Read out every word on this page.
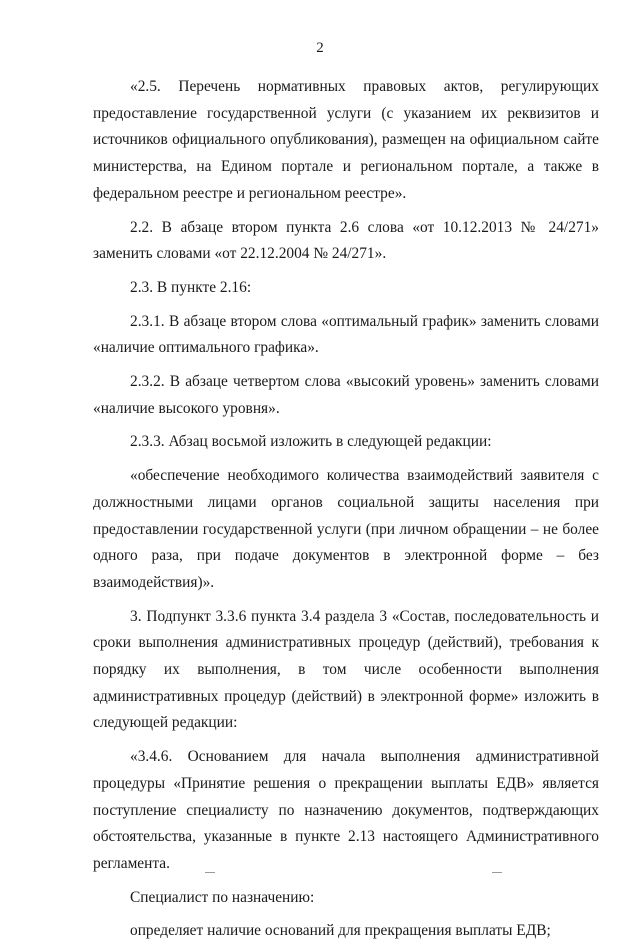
2

«2.5. Перечень нормативных правовых актов, регулирующих предоставление государственной услуги (с указанием их реквизитов и источников официального опубликования), размещен на официальном сайте министерства, на Едином портале и региональном портале, а также в федеральном реестре и региональном реестре».

2.2. В абзаце втором пункта 2.6 слова «от 10.12.2013 № 24/271» заменить словами «от 22.12.2004 № 24/271».

2.3. В пункте 2.16:

2.3.1. В абзаце втором слова «оптимальный график» заменить словами «наличие оптимального графика».

2.3.2. В абзаце четвертом слова «высокий уровень» заменить словами «наличие высокого уровня».

2.3.3. Абзац восьмой изложить в следующей редакции:

«обеспечение необходимого количества взаимодействий заявителя с должностными лицами органов социальной защиты населения при предоставлении государственной услуги (при личном обращении – не более одного раза, при подаче документов в электронной форме – без взаимодействия)».

3. Подпункт 3.3.6 пункта 3.4 раздела 3 «Состав, последовательность и сроки выполнения административных процедур (действий), требования к порядку их выполнения, в том числе особенности выполнения административных процедур (действий) в электронной форме» изложить в следующей редакции:

«3.4.6. Основанием для начала выполнения административной процедуры «Принятие решения о прекращении выплаты ЕДВ» является поступление специалисту по назначению документов, подтверждающих обстоятельства, указанные в пункте 2.13 настоящего Административного регламента.

Специалист по назначению:

определяет наличие оснований для прекращения выплаты ЕДВ;
